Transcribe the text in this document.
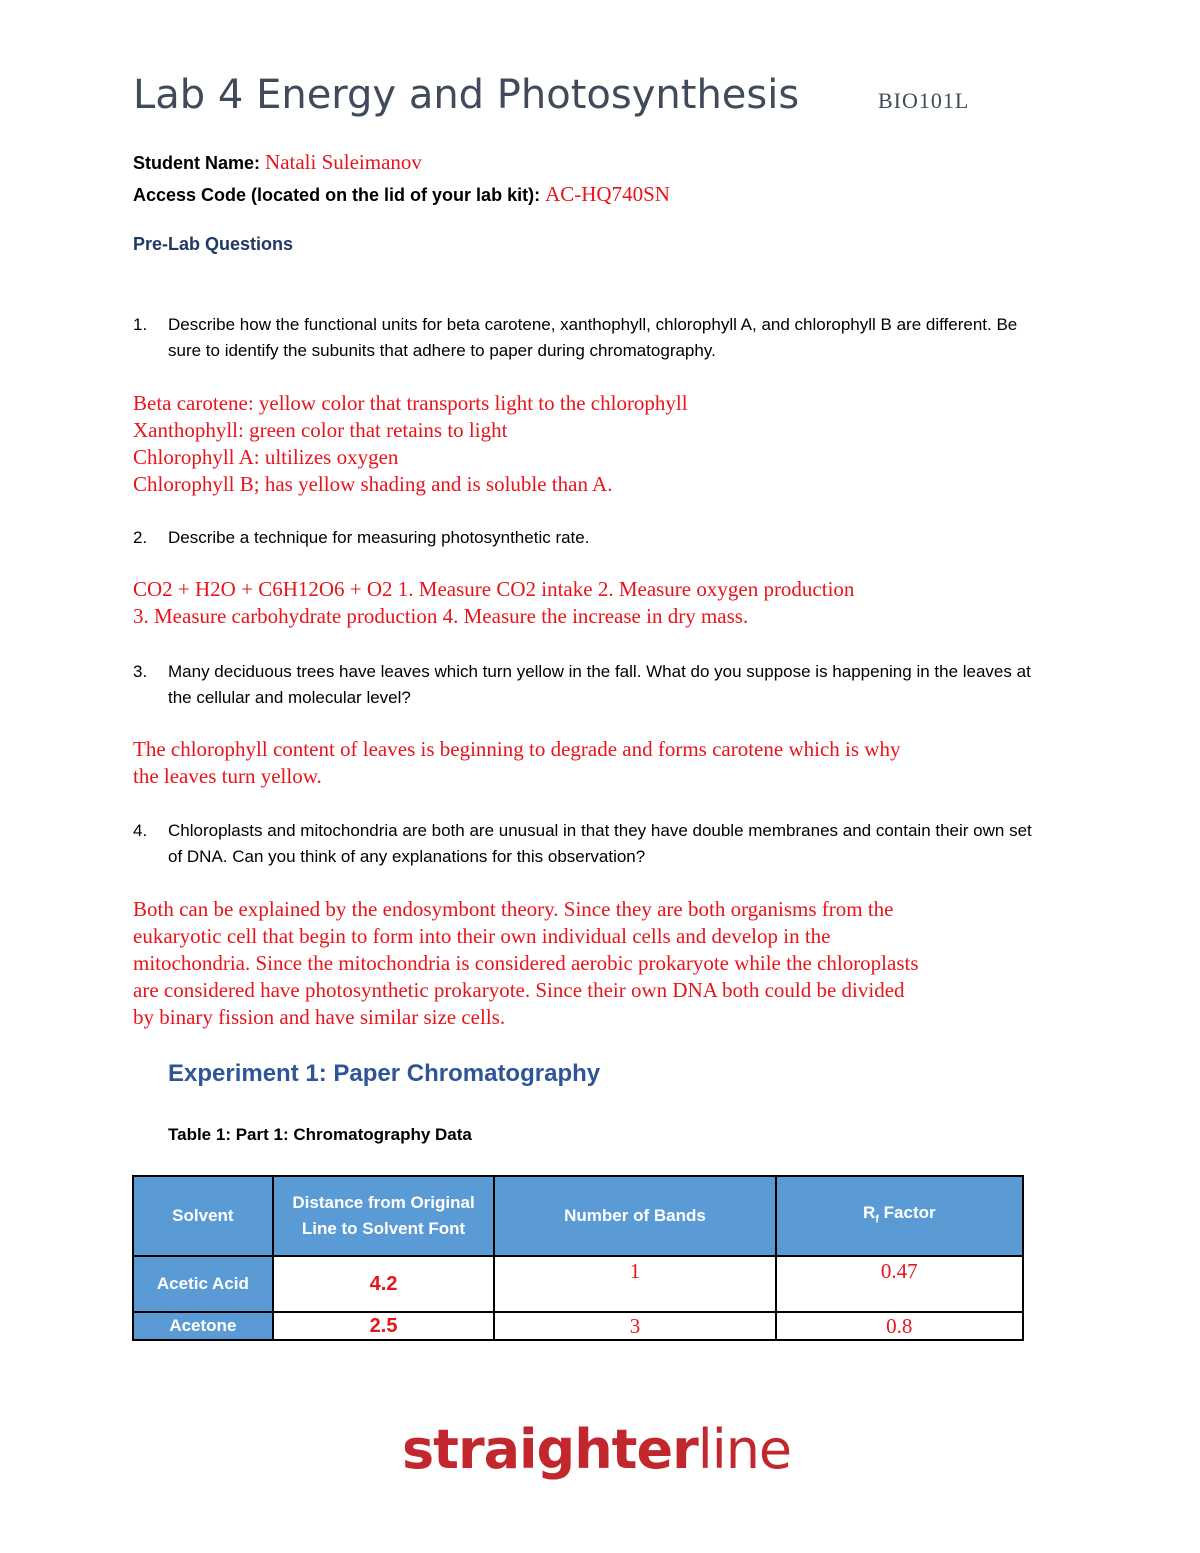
Lab 4 Energy and Photosynthesis	BIO101L
Student Name: Natali Suleimanov
Access Code (located on the lid of your lab kit): AC-HQ740SN
Pre-Lab Questions
1.	Describe how the functional units for beta carotene, xanthophyll, chlorophyll A, and chlorophyll B are different. Be sure to identify the subunits that adhere to paper during chromatography.
Beta carotene: yellow color that transports light to the chlorophyll
Xanthophyll: green color that retains to light
Chlorophyll A: ultilizes oxygen
Chlorophyll B; has yellow shading and is soluble than A.
2.	Describe a technique for measuring photosynthetic rate.
CO2 + H2O + C6H12O6 + O2 1. Measure CO2 intake 2. Measure oxygen production
3. Measure carbohydrate production 4. Measure the increase in dry mass.
3.	Many deciduous trees have leaves which turn yellow in the fall. What do you suppose is happening in the leaves at the cellular and molecular level?
The chlorophyll content of leaves is beginning to degrade and forms carotene which is why
the leaves turn yellow.
4.	Chloroplasts and mitochondria are both are unusual in that they have double membranes and contain their own set of DNA. Can you think of any explanations for this observation?
Both can be explained by the endosymbont theory. Since they are both organisms from the
eukaryotic cell that begin to form into their own individual cells and develop in the
mitochondria. Since the mitochondria is considered aerobic prokaryote while the chloroplasts
are considered have photosynthetic prokaryote. Since their own DNA both could be divided
by binary fission and have similar size cells.
Experiment 1: Paper Chromatography
Table 1: Part 1: Chromatography Data
Solvent	Distance from Original Line to Solvent Font	Number of Bands	$R_f$ Factor
Acetic Acid	4.2	1	0.47
Acetone	2.5	3	0.8
straighterline
